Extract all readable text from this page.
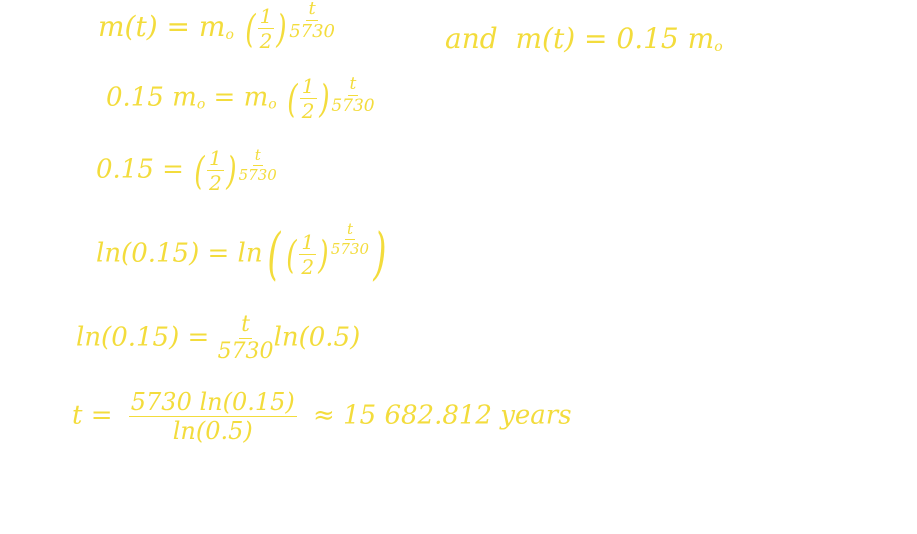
m(t) = mo ( $\frac{1}{2}$ ) $\frac{t}{5730}$	and m(t) = 0.15 mo
0.15 mo = mo ( $\frac{1}{2}$ ) $\frac{t}{5730}$
0.15 = ( $\frac{1}{2}$ ) $\frac{t}{5730}$
ln(0.15) = ln( ( $\frac{1}{2}$ ) $\frac{t}{5730}$ )
$\ln(0.15) = \frac{t}{5730} \ln(0.5)$
$t = \frac{5730 \ln(0.15)}{\ln(0.5)} \approx 15$ 682.812 years
